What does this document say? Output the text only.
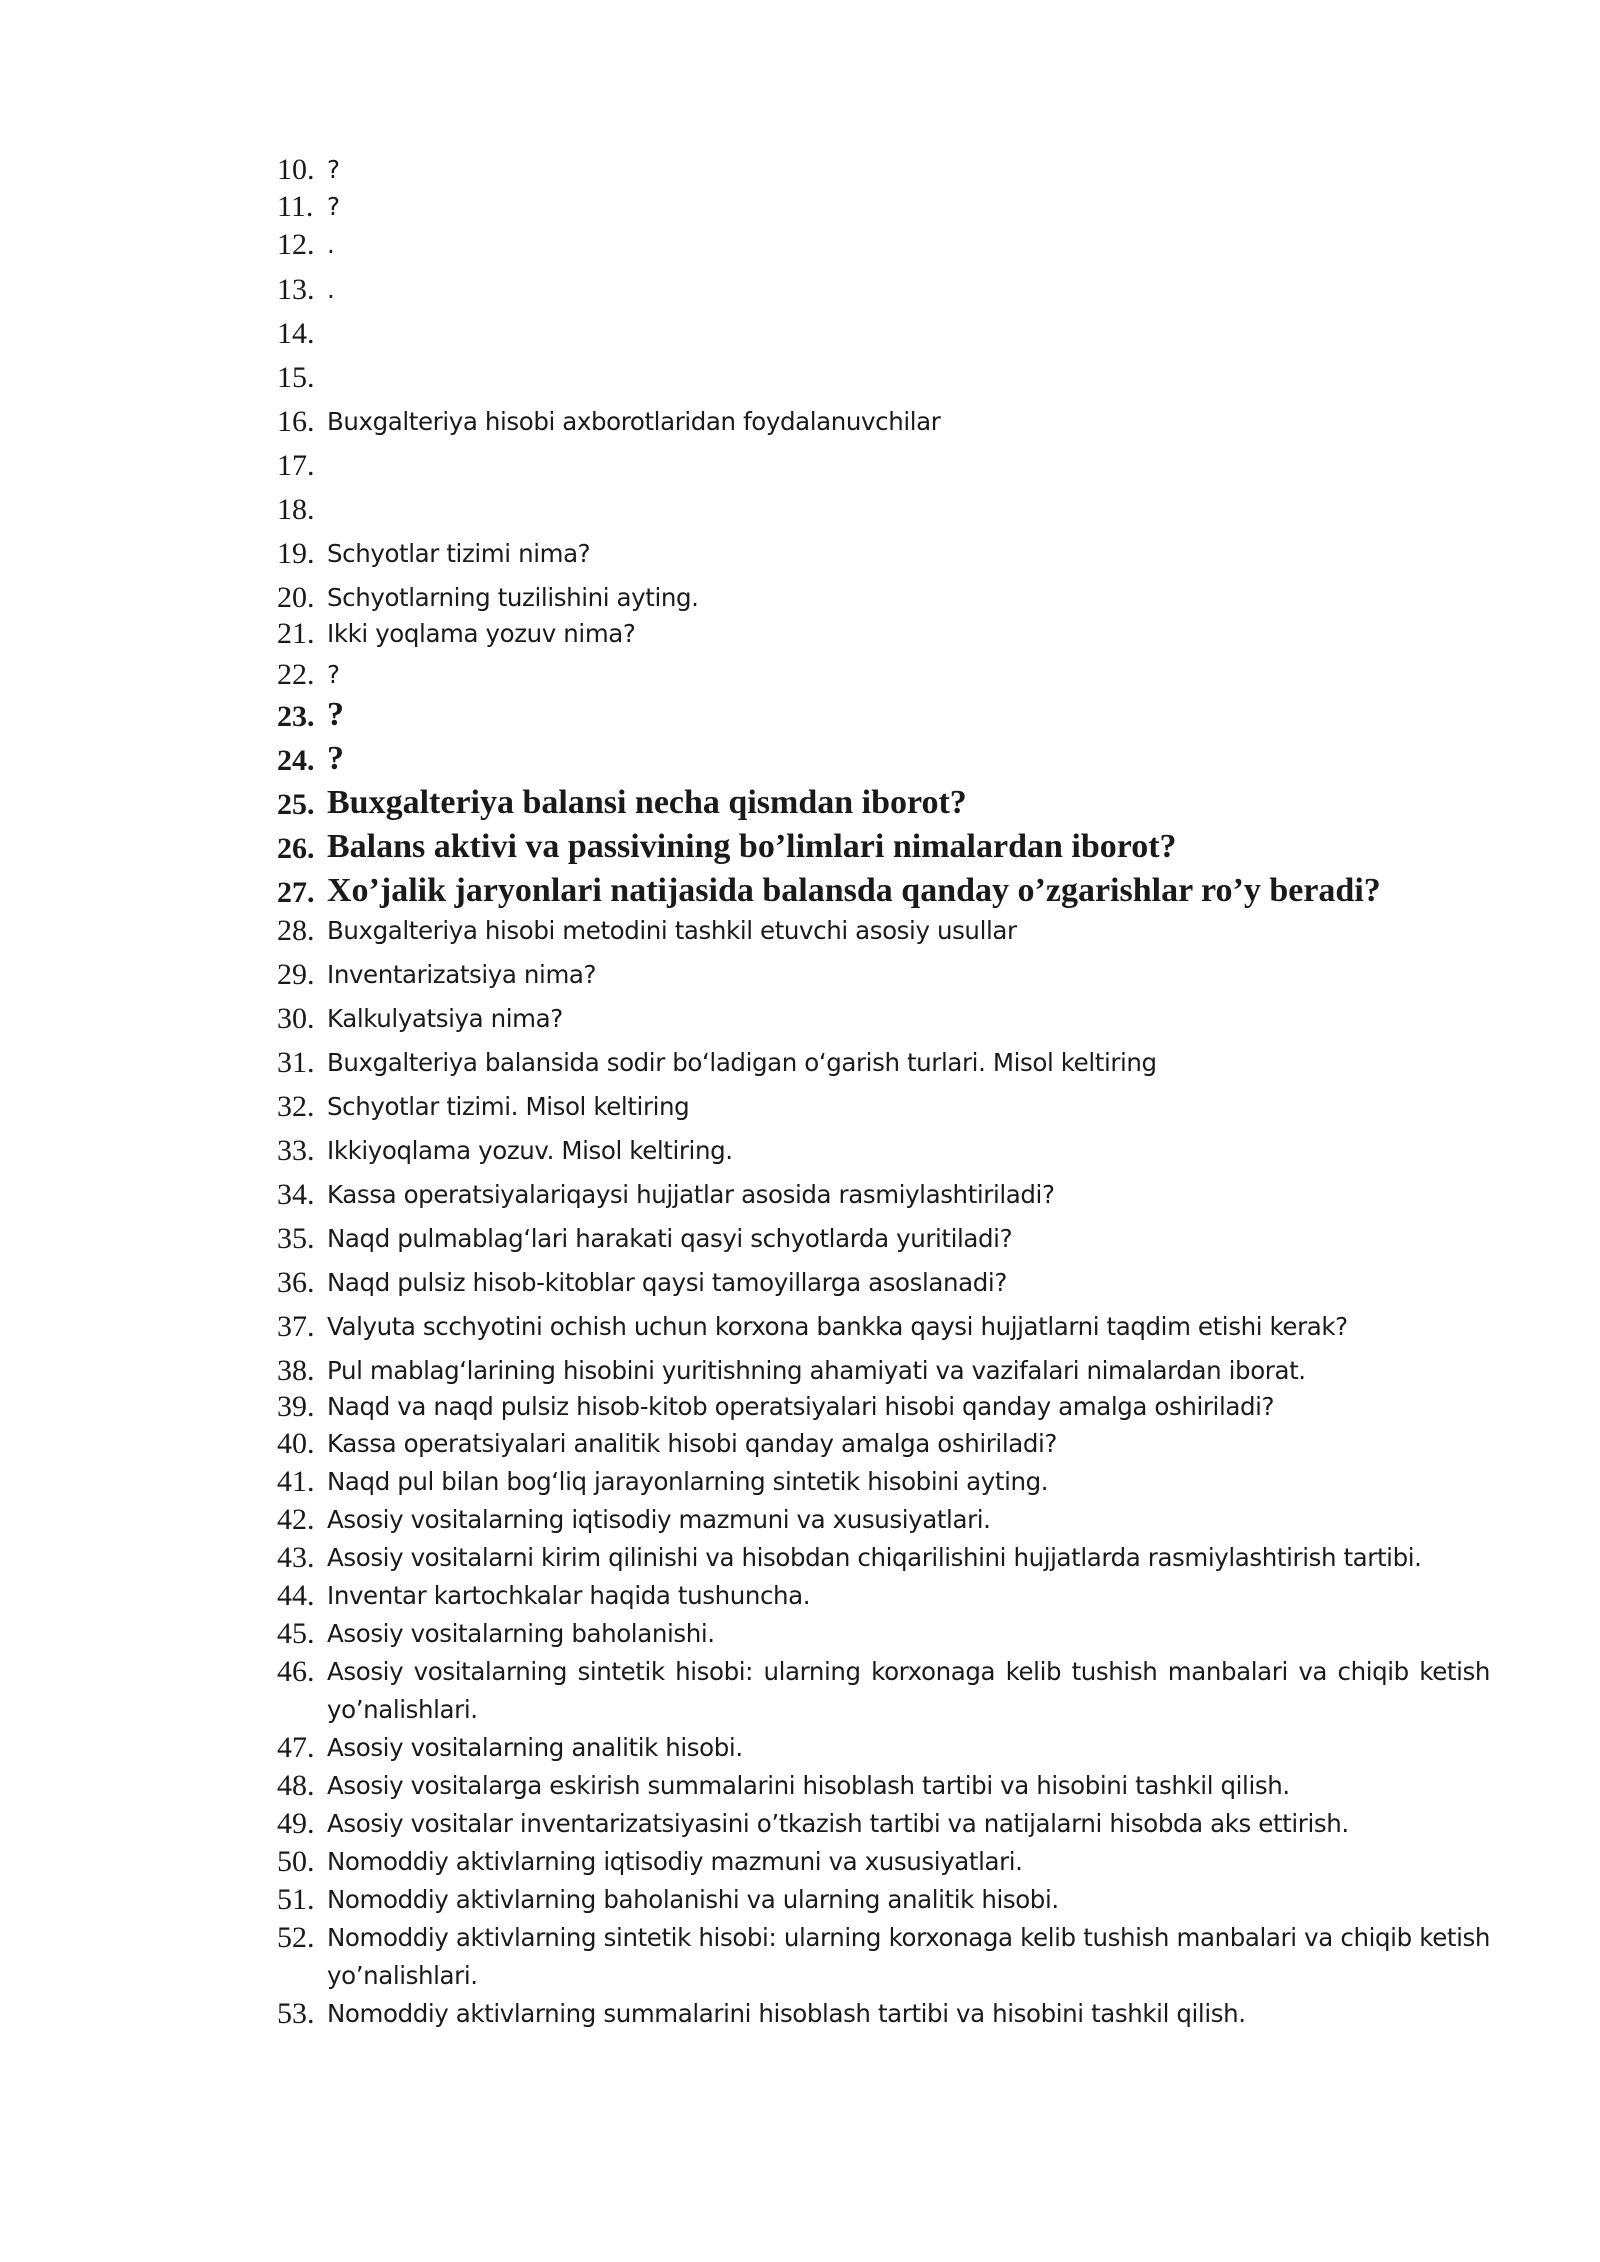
10. ?
11. ?
12. .
13. .
14.

15.

16. Buxgalteriya hisobi axborotlaridan foydalanuvchilar
17.

18.

19. Schyotlar tizimi nima?
20. Schyotlarning tuzilishini ayting.
21. Ikki yoqlama yozuv nima?
22. ?
23. ?
24. ?
25. Buxgalteriya balansi necha qismdan iborot?
26. Balans aktivi va passivining bo’limlari nimalardan iborot?
27. Xo’jalik jaryonlari natijasida balansda qanday o’zgarishlar ro’y beradi?
28. Buxgalteriya hisobi metodini tashkil etuvchi asosiy usullar
29. Inventarizatsiya nima?
30. Kalkulyatsiya nima?
31. Buxgalteriya balansida sodir boʻladigan oʻgarish turlari. Misol keltiring
32. Schyotlar tizimi. Misol keltiring
33. Ikkiyoqlama yozuv. Misol keltiring.
34. Kassa operatsiyalariqaysi hujjatlar asosida rasmiylashtiriladi?
35. Naqd pulmablagʻlari harakati qasyi schyotlarda yuritiladi?
36. Naqd pulsiz hisob-kitoblar qaysi tamoyillarga asoslanadi?
37. Valyuta scchyotini ochish uchun korxona bankka qaysi hujjatlarni taqdim etishi kerak?
38. Pul mablagʻlarining hisobini yuritishning ahamiyati va vazifalari nimalardan iborat.
39. Naqd va naqd pulsiz hisob-kitob operatsiyalari hisobi qanday amalga oshiriladi?
40. Kassa operatsiyalari analitik hisobi qanday amalga oshiriladi?
41. Naqd pul bilan bogʻliq jarayonlarning sintetik hisobini ayting.
42. Asosiy vositalarning iqtisodiy mazmuni va xususiyatlari.
43. Asosiy vositalarni kirim qilinishi va hisobdan chiqarilishini hujjatlarda rasmiylashtirish tartibi.
44. Inventar kartochkalar haqida tushuncha.
45. Asosiy vositalarning baholanishi.
46. Asosiy vositalarning sintetik hisobi: ularning korxonaga kelib tushish manbalari va chiqib ketish yo’nalishlari.
47. Asosiy vositalarning analitik hisobi.
48. Asosiy vositalarga eskirish summalarini hisoblash tartibi va hisobini tashkil qilish.
49. Asosiy vositalar inventarizatsiyasini o’tkazish tartibi va natijalarni hisobda aks ettirish.
50. Nomoddiy aktivlarning iqtisodiy mazmuni va xususiyatlari.
51. Nomoddiy aktivlarning baholanishi va ularning analitik hisobi.
52. Nomoddiy aktivlarning sintetik hisobi: ularning korxonaga kelib tushish manbalari va chiqib ketish yo’nalishlari.
53. Nomoddiy aktivlarning summalarini hisoblash tartibi va hisobini tashkil qilish.
